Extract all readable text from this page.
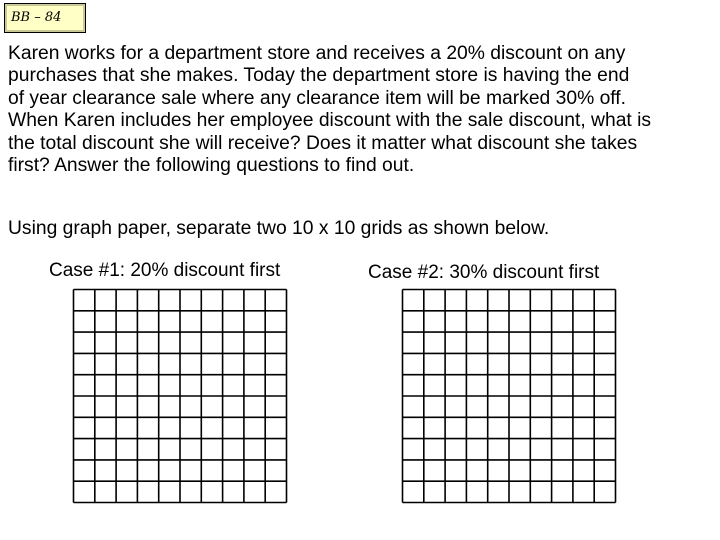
BB – 84

Karen works for a department store and receives a 20% discount on any
purchases that she makes. Today the department store is having the end
of year clearance sale where any clearance item will be marked 30% off.
When Karen includes her employee discount with the sale discount, what is
the total discount she will receive? Does it matter what discount she takes
first? Answer the following questions to find out.

Using graph paper, separate two 10 x 10 grids as shown below.

Case #1: 20% discount first	Case #2: 30% discount first
